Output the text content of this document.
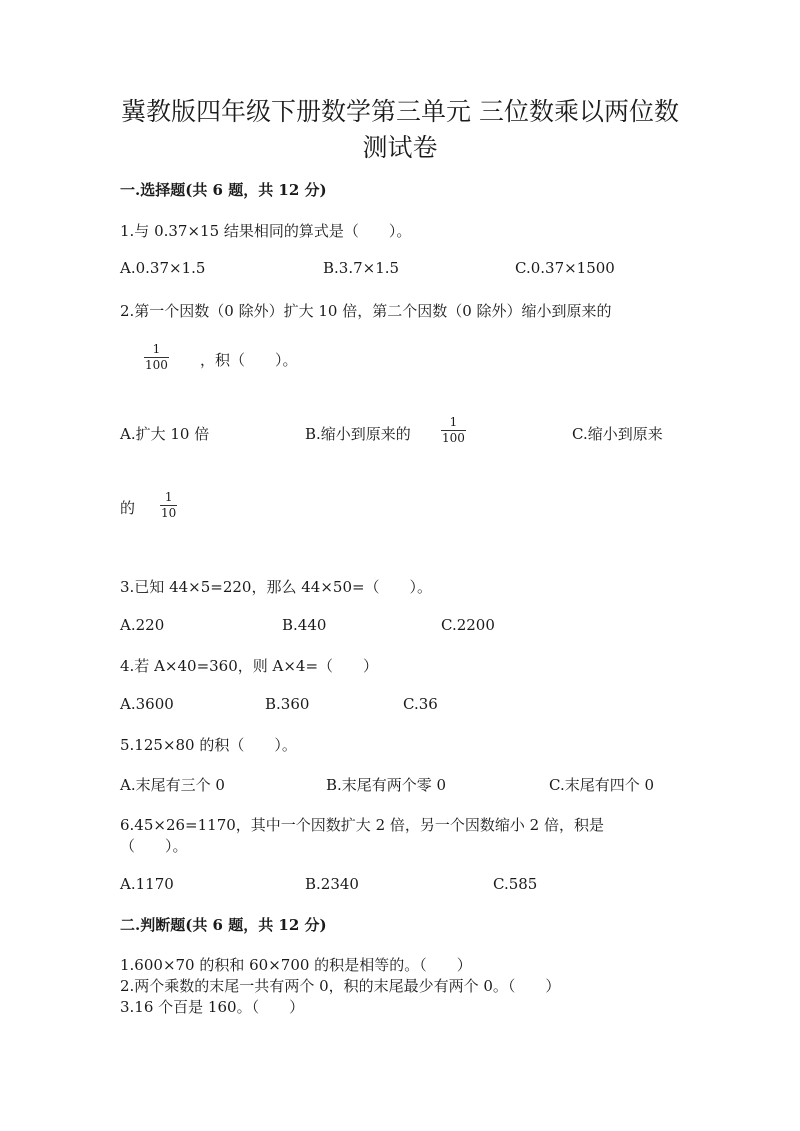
冀教版四年级下册数学第三单元 三位数乘以两位数
测试卷
一.选择题(共 6 题，共 12 分)
1.与 0.37×15 结果相同的算式是（　　）。
A.0.37×1.5	B.3.7×1.5	C.0.37×1500
2.第一个因数（0 除外）扩大 10 倍，第二个因数（0 除外）缩小到原来的
1
100 ，积（　　）。
A.扩大 10 倍	B.缩小到原来的
1
100	C.缩小到原来
的
1
10
3.已知 44×5=220，那么 44×50=（　　）。
A.220	B.440	C.2200
4.若 A×40=360，则 A×4=（　　）
A.3600	B.360	C.36
5.125×80 的积（　　）。
A.末尾有三个 0	B.末尾有两个零 0	C.末尾有四个 0
6.45×26=1170，其中一个因数扩大 2 倍，另一个因数缩小 2 倍，积是
（　　）。
A.1170	B.2340	C.585
二.判断题(共 6 题，共 12 分)
1.600×70 的积和 60×700 的积是相等的。（　　）
2.两个乘数的末尾一共有两个 0，积的末尾最少有两个 0。（　　）
3.16 个百是 160。（　　）
